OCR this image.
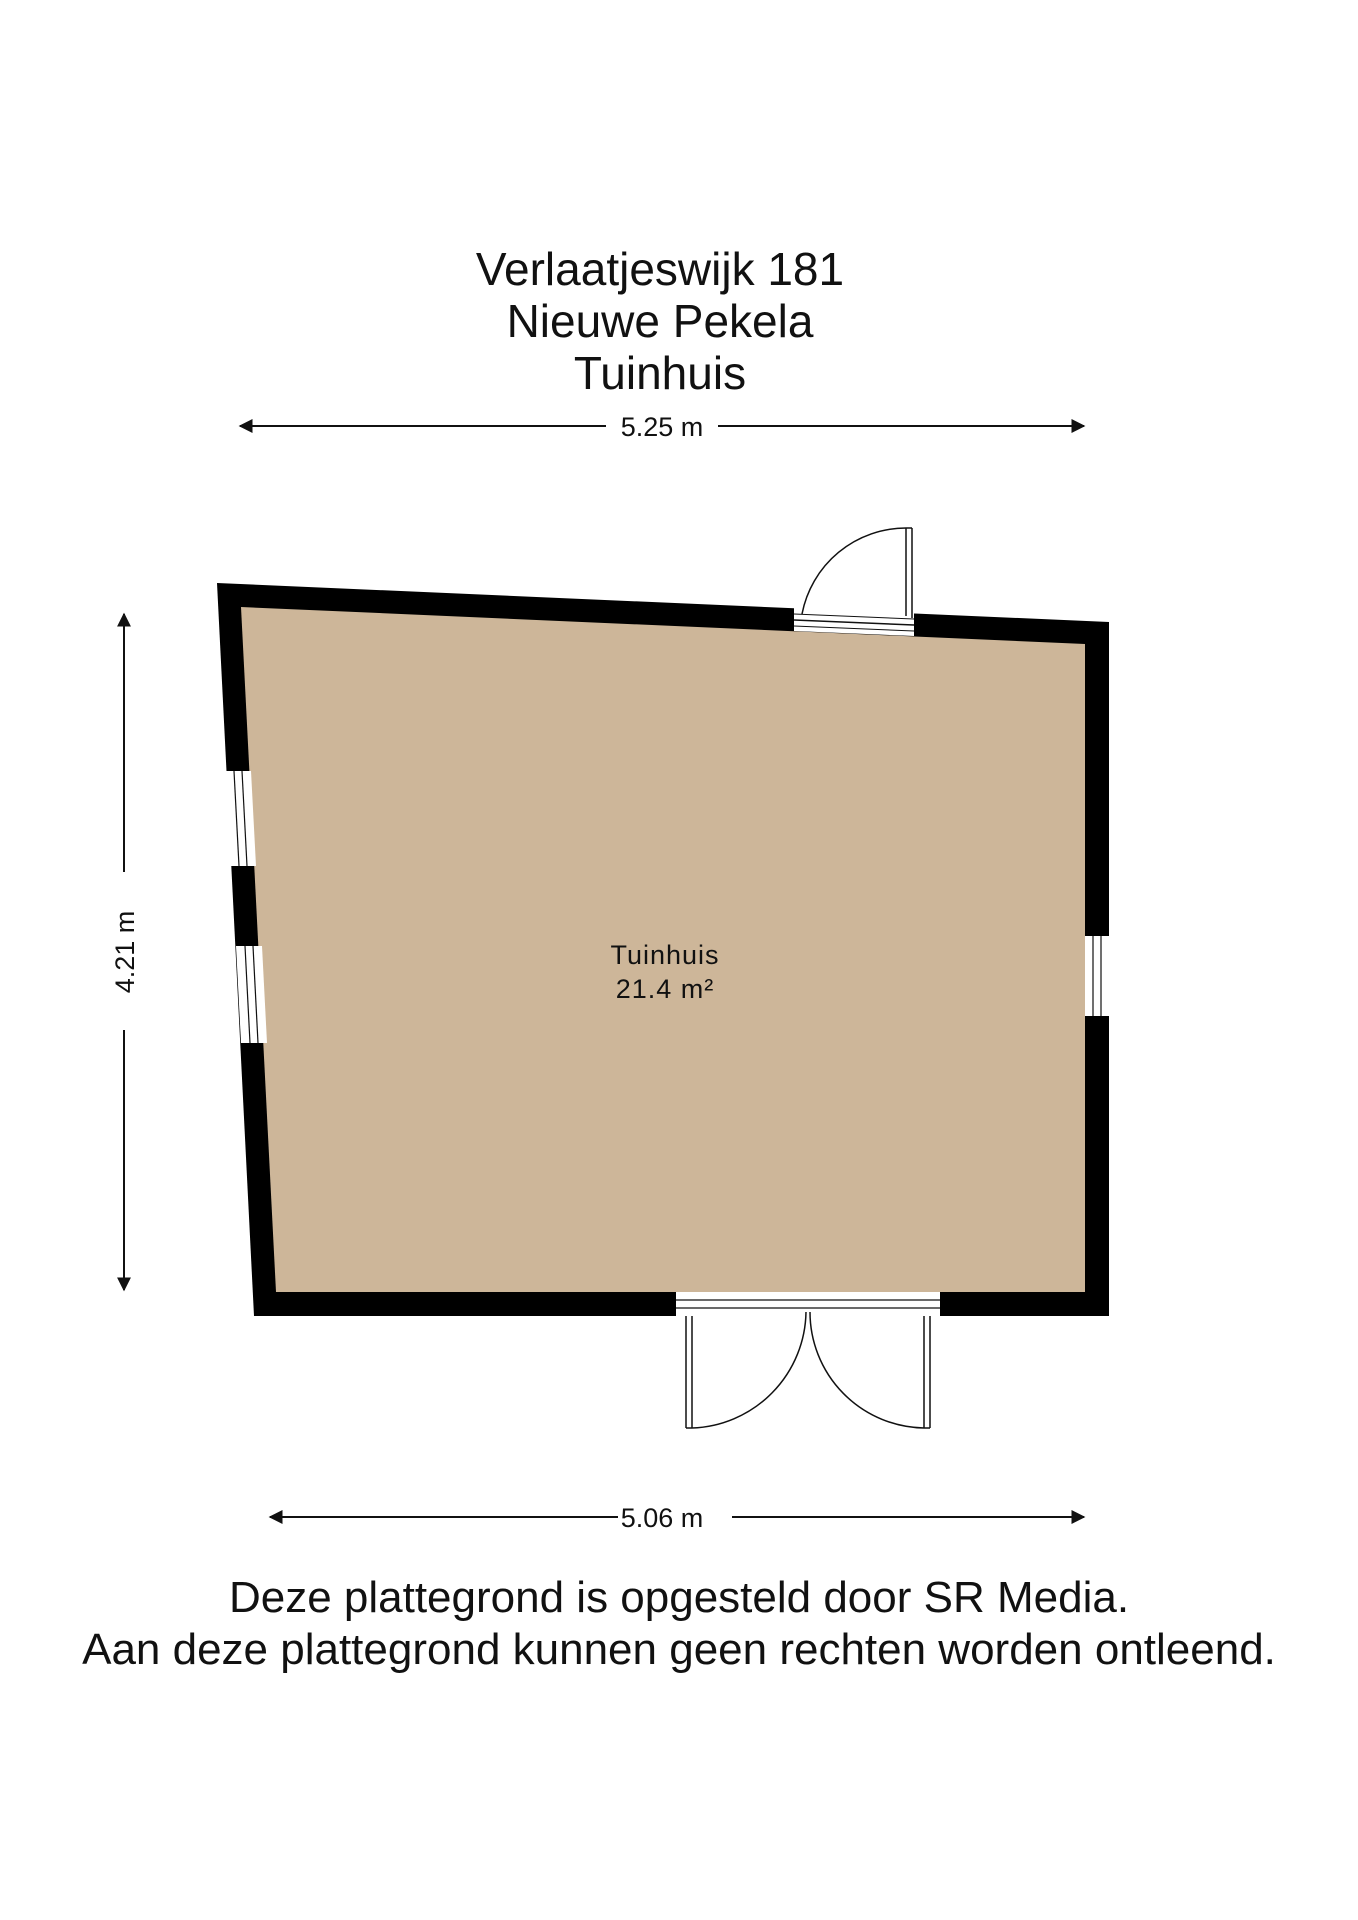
Verlaatjeswijk 181
Nieuwe Pekela
Tuinhuis
5.25 m
4.21 m
5.06 m
Tuinhuis
21.4 m²
Deze plattegrond is opgesteld door SR Media.
Aan deze plattegrond kunnen geen rechten worden ontleend.
